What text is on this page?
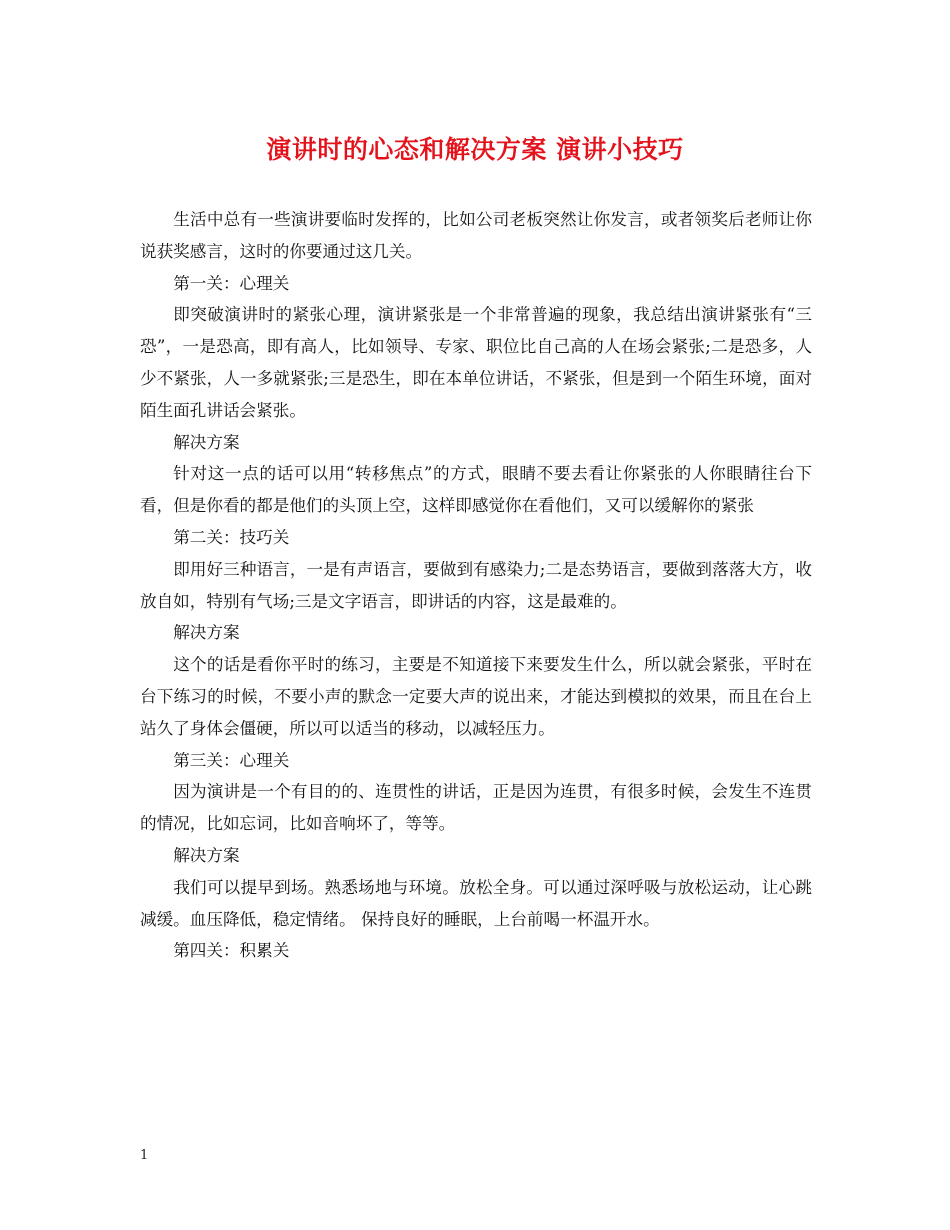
演讲时的心态和解决方案 演讲小技巧

生活中总有一些演讲要临时发挥的，比如公司老板突然让你发言，或者领奖后老师让你说获奖感言，这时的你要通过这几关。

第一关：心理关

即突破演讲时的紧张心理，演讲紧张是一个非常普遍的现象，我总结出演讲紧张有“三恐”，一是恐高，即有高人，比如领导、专家、职位比自己高的人在场会紧张;二是恐多，人少不紧张，人一多就紧张;三是恐生，即在本单位讲话，不紧张，但是到一个陌生环境，面对陌生面孔讲话会紧张。

解决方案

针对这一点的话可以用“转移焦点”的方式，眼睛不要去看让你紧张的人你眼睛往台下看，但是你看的都是他们的头顶上空，这样即感觉你在看他们，又可以缓解你的紧张

第二关：技巧关

即用好三种语言，一是有声语言，要做到有感染力;二是态势语言，要做到落落大方，收放自如，特别有气场;三是文字语言，即讲话的内容，这是最难的。

解决方案

这个的话是看你平时的练习，主要是不知道接下来要发生什么，所以就会紧张，平时在台下练习的时候，不要小声的默念一定要大声的说出来，才能达到模拟的效果，而且在台上站久了身体会僵硬，所以可以适当的移动，以减轻压力。

第三关：心理关

因为演讲是一个有目的的、连贯性的讲话，正是因为连贯，有很多时候，会发生不连贯的情况，比如忘词，比如音响坏了，等等。

解决方案

我们可以提早到场。熟悉场地与环境。放松全身。可以通过深呼吸与放松运动，让心跳减缓。血压降低，稳定情绪。 保持良好的睡眠，上台前喝一杯温开水。

第四关：积累关

1
